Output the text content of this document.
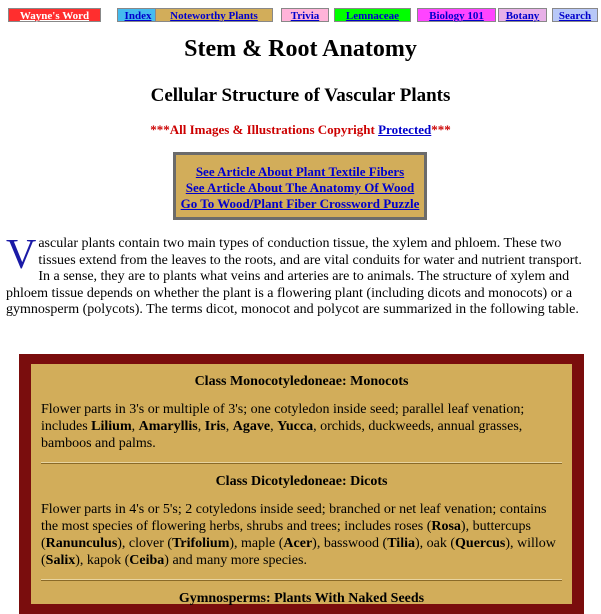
Wayne's Word	Index	Noteworthy Plants	Trivia	Lemnaceae	Biology 101	Botany	Search
Stem & Root Anatomy
Cellular Structure of Vascular Plants
***All Images & Illustrations Copyright Protected***
See Article About Plant Textile Fibers
See Article About The Anatomy Of Wood
Go To Wood/Plant Fiber Crossword Puzzle
Vascular plants contain two main types of conduction tissue, the xylem and phloem. These two tissues extend from the leaves to the roots, and are vital conduits for water and nutrient transport. In a sense, they are to plants what veins and arteries are to animals. The structure of xylem and phloem tissue depends on whether the plant is a flowering plant (including dicots and monocots) or a gymnosperm (polycots). The terms dicot, monocot and polycot are summarized in the following table.
Class Monocotyledoneae: Monocots
Flower parts in 3's or multiple of 3's; one cotyledon inside seed; parallel leaf venation; includes Lilium, Amaryllis, Iris, Agave, Yucca, orchids, duckweeds, annual grasses, bamboos and palms.
Class Dicotyledoneae: Dicots
Flower parts in 4's or 5's; 2 cotyledons inside seed; branched or net leaf venation; contains the most species of flowering herbs, shrubs and trees; includes roses (Rosa), buttercups (Ranunculus), clover (Trifolium), maple (Acer), basswood (Tilia), oak (Quercus), willow (Salix), kapok (Ceiba) and many more species.
Gymnosperms: Plants With Naked Seeds
